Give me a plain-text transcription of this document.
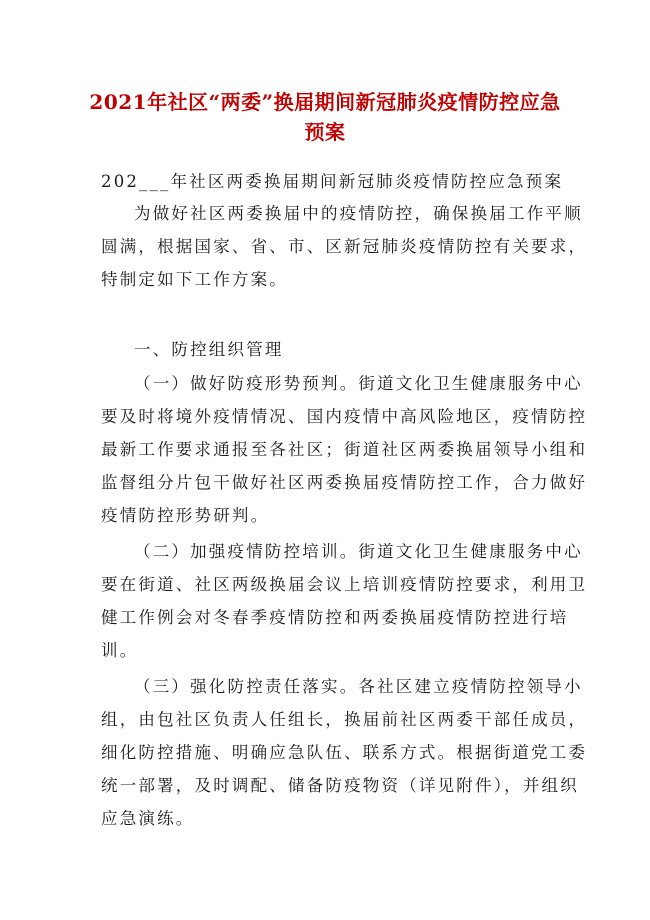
2021年社区“两委”换届期间新冠肺炎疫情防控应急
预案
202___年社区两委换届期间新冠肺炎疫情防控应急预案
为做好社区两委换届中的疫情防控，确保换届工作平顺
圆满，根据国家、省、市、区新冠肺炎疫情防控有关要求，
特制定如下工作方案。
一、防控组织管理
（一）做好防疫形势预判。街道文化卫生健康服务中心
要及时将境外疫情情况、国内疫情中高风险地区，疫情防控
最新工作要求通报至各社区；街道社区两委换届领导小组和
监督组分片包干做好社区两委换届疫情防控工作，合力做好
疫情防控形势研判。
（二）加强疫情防控培训。街道文化卫生健康服务中心
要在街道、社区两级换届会议上培训疫情防控要求，利用卫
健工作例会对冬春季疫情防控和两委换届疫情防控进行培
训。
（三）强化防控责任落实。各社区建立疫情防控领导小
组，由包社区负责人任组长，换届前社区两委干部任成员，
细化防控措施、明确应急队伍、联系方式。根据街道党工委
统一部署，及时调配、储备防疫物资（详见附件），并组织
应急演练。
